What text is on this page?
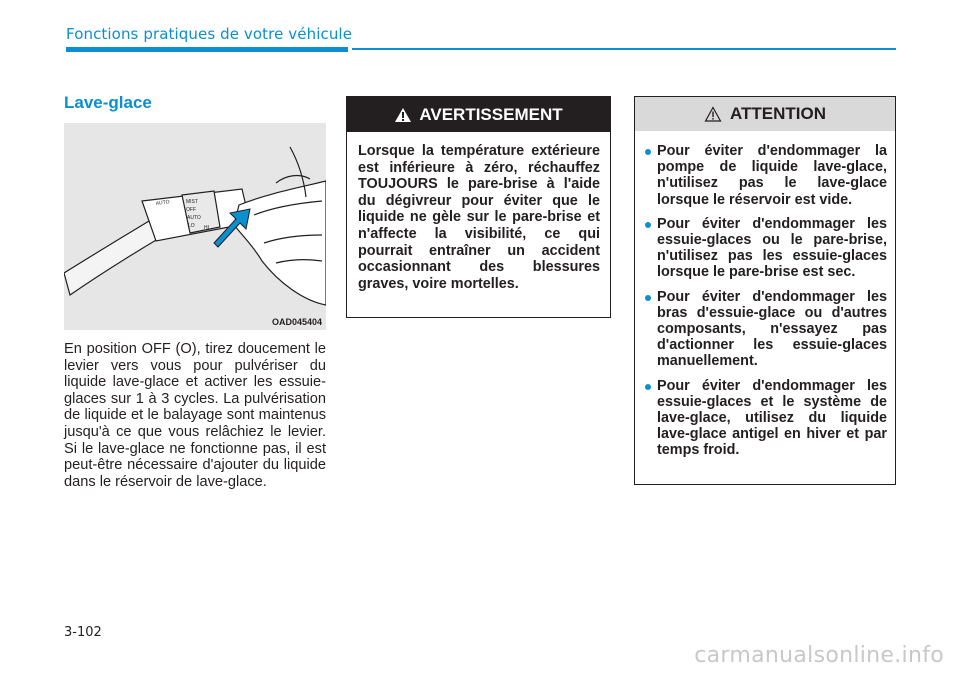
Fonctions pratiques de votre véhicule
Lave-glace
AUTO	MIST
OFF
AUTO
LO HI
OAD045404

En position OFF (O), tirez doucement le levier vers vous pour pulvériser du liquide lave-glace et activer les essuie-glaces sur 1 à 3 cycles. La pulvérisation de liquide et le balayage sont maintenus jusqu'à ce que vous relâchiez le levier. Si le lave-glace ne fonctionne pas, il est peut-être nécessaire d'ajouter du liquide dans le réservoir de lave-glace.

AVERTISSEMENT
Lorsque la température extérieure est inférieure à zéro, réchauffez TOUJOURS le pare-brise à l'aide du dégivreur pour éviter que le liquide ne gèle sur le pare-brise et n'affecte la visibilité, ce qui pourrait entraîner un accident occasionnant des blessures graves, voire mortelles.
ATTENTION
Pour éviter d'endommager la pompe de liquide lave-glace, n'utilisez pas le lave-glace lorsque le réservoir est vide.
Pour éviter d'endommager les essuie-glaces ou le pare-brise, n'utilisez pas les essuie-glaces lorsque le pare-brise est sec.
Pour éviter d'endommager les bras d'essuie-glace ou d'autres composants, n'essayez pas d'actionner les essuie-glaces manuellement.
Pour éviter d'endommager les essuie-glaces et le système de lave-glace, utilisez du liquide lave-glace antigel en hiver et par temps froid.
3-102
carmanualsonline.info
